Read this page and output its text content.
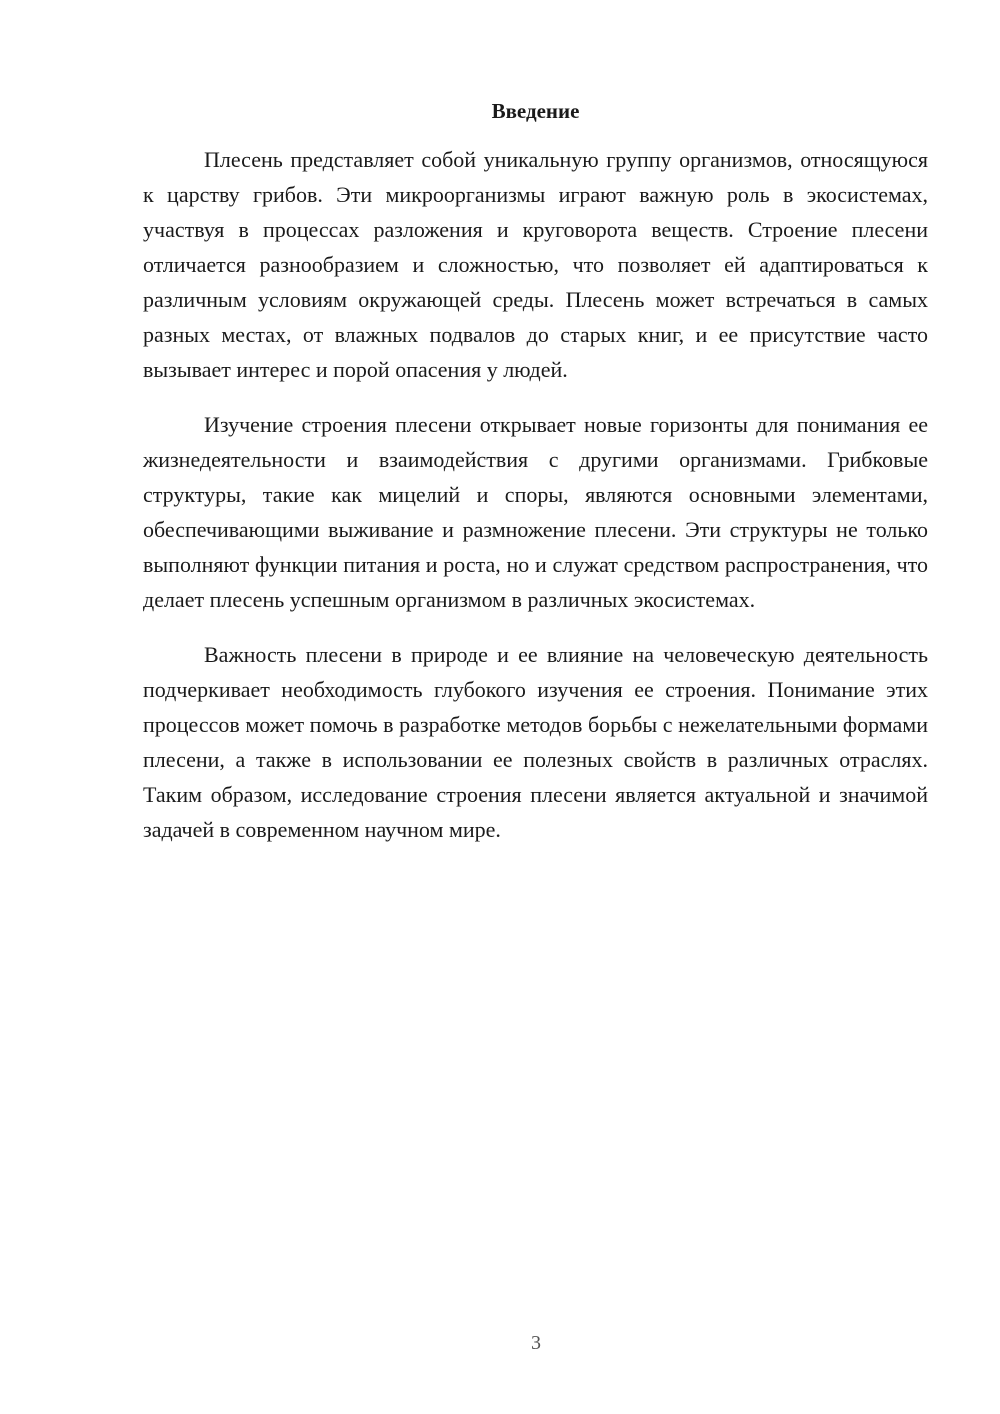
Введение

Плесень представляет собой уникальную группу организмов, относящуюся к царству грибов. Эти микроорганизмы играют важную роль в экосистемах, участвуя в процессах разложения и круговорота веществ. Строение плесени отличается разнообразием и сложностью, что позволяет ей адаптироваться к различным условиям окружающей среды. Плесень может встречаться в самых разных местах, от влажных подвалов до старых книг, и ее присутствие часто вызывает интерес и порой опасения у людей.

Изучение строения плесени открывает новые горизонты для понимания ее жизнедеятельности и взаимодействия с другими организмами. Грибковые структуры, такие как мицелий и споры, являются основными элементами, обеспечивающими выживание и размножение плесени. Эти структуры не только выполняют функции питания и роста, но и служат средством распространения, что делает плесень успешным организмом в различных экосистемах.

Важность плесени в природе и ее влияние на человеческую деятельность подчеркивает необходимость глубокого изучения ее строения. Понимание этих процессов может помочь в разработке методов борьбы с нежелательными формами плесени, а также в использовании ее полезных свойств в различных отраслях. Таким образом, исследование строения плесени является актуальной и значимой задачей в современном научном мире.

3
